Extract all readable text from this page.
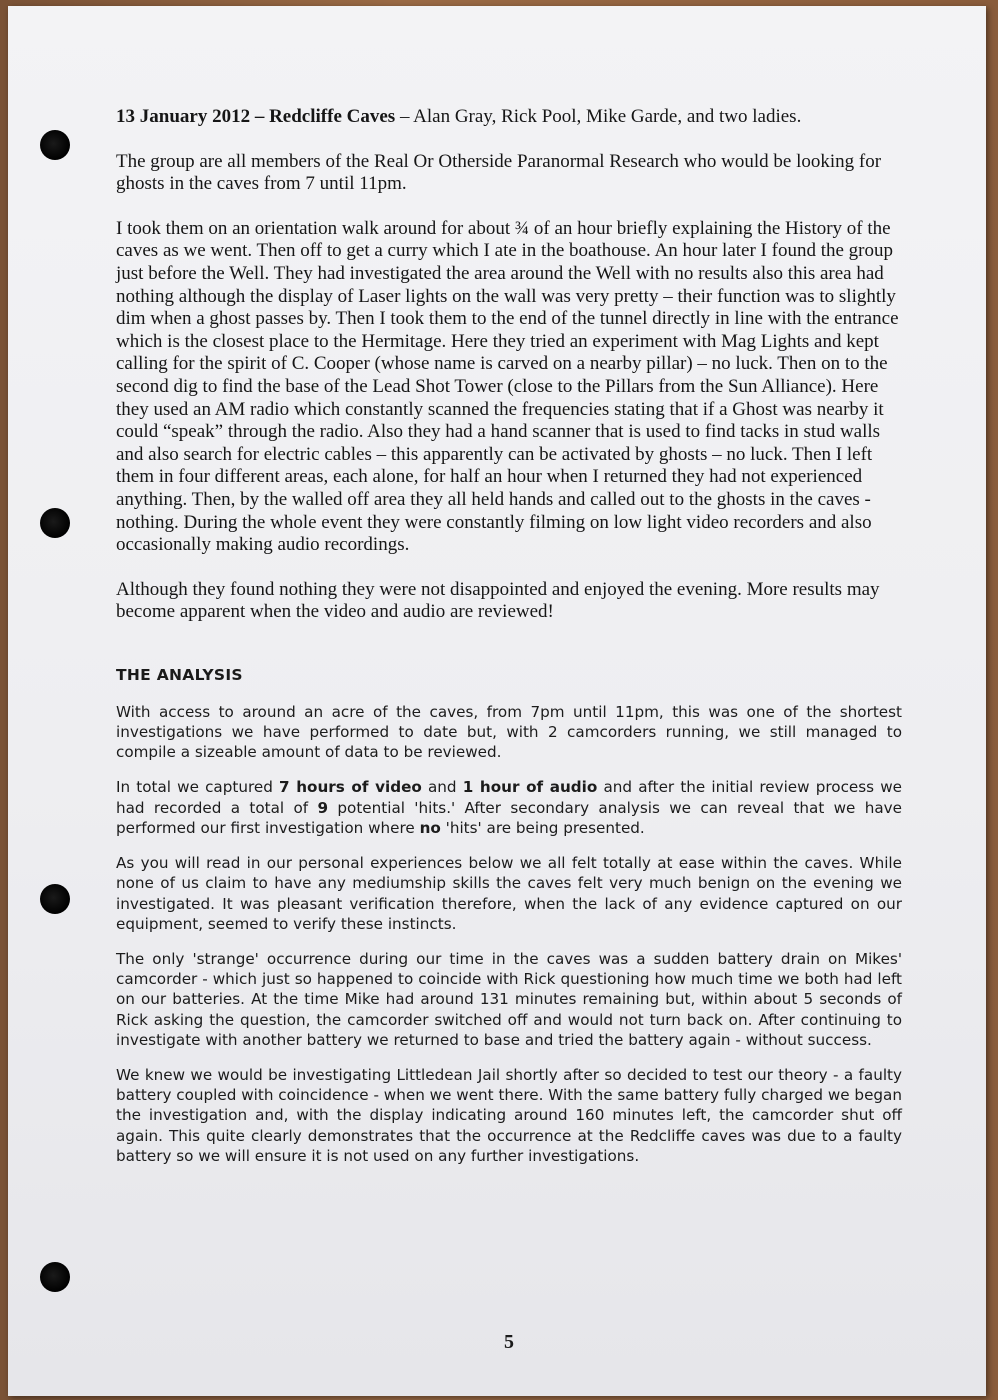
13 January 2012 – Redcliffe Caves – Alan Gray, Rick Pool, Mike Garde, and two ladies.

The group are all members of the Real Or Otherside Paranormal Research who would be looking for ghosts in the caves from 7 until 11pm.

I took them on an orientation walk around for about ¾ of an hour briefly explaining the History of the caves as we went. Then off to get a curry which I ate in the boathouse. An hour later I found the group just before the Well. They had investigated the area around the Well with no results also this area had nothing although the display of Laser lights on the wall was very pretty – their function was to slightly dim when a ghost passes by. Then I took them to the end of the tunnel directly in line with the entrance which is the closest place to the Hermitage. Here they tried an experiment with Mag Lights and kept calling for the spirit of C. Cooper (whose name is carved on a nearby pillar) – no luck. Then on to the second dig to find the base of the Lead Shot Tower (close to the Pillars from the Sun Alliance). Here they used an AM radio which constantly scanned the frequencies stating that if a Ghost was nearby it could “speak” through the radio. Also they had a hand scanner that is used to find tacks in stud walls and also search for electric cables – this apparently can be activated by ghosts – no luck. Then I left them in four different areas, each alone, for half an hour when I returned they had not experienced anything. Then, by the walled off area they all held hands and called out to the ghosts in the caves - nothing. During the whole event they were constantly filming on low light video recorders and also occasionally making audio recordings.

Although they found nothing they were not disappointed and enjoyed the evening. More results may become apparent when the video and audio are reviewed!

THE ANALYSIS

With access to around an acre of the caves, from 7pm until 11pm, this was one of the shortest investigations we have performed to date but, with 2 camcorders running, we still managed to compile a sizeable amount of data to be reviewed.

In total we captured 7 hours of video and 1 hour of audio and after the initial review process we had recorded a total of 9 potential 'hits.' After secondary analysis we can reveal that we have performed our first investigation where no 'hits' are being presented.

As you will read in our personal experiences below we all felt totally at ease within the caves. While none of us claim to have any mediumship skills the caves felt very much benign on the evening we investigated. It was pleasant verification therefore, when the lack of any evidence captured on our equipment, seemed to verify these instincts.

The only 'strange' occurrence during our time in the caves was a sudden battery drain on Mikes' camcorder - which just so happened to coincide with Rick questioning how much time we both had left on our batteries. At the time Mike had around 131 minutes remaining but, within about 5 seconds of Rick asking the question, the camcorder switched off and would not turn back on. After continuing to investigate with another battery we returned to base and tried the battery again - without success.

We knew we would be investigating Littledean Jail shortly after so decided to test our theory - a faulty battery coupled with coincidence - when we went there. With the same battery fully charged we began the investigation and, with the display indicating around 160 minutes left, the camcorder shut off again. This quite clearly demonstrates that the occurrence at the Redcliffe caves was due to a faulty battery so we will ensure it is not used on any further investigations.

5
